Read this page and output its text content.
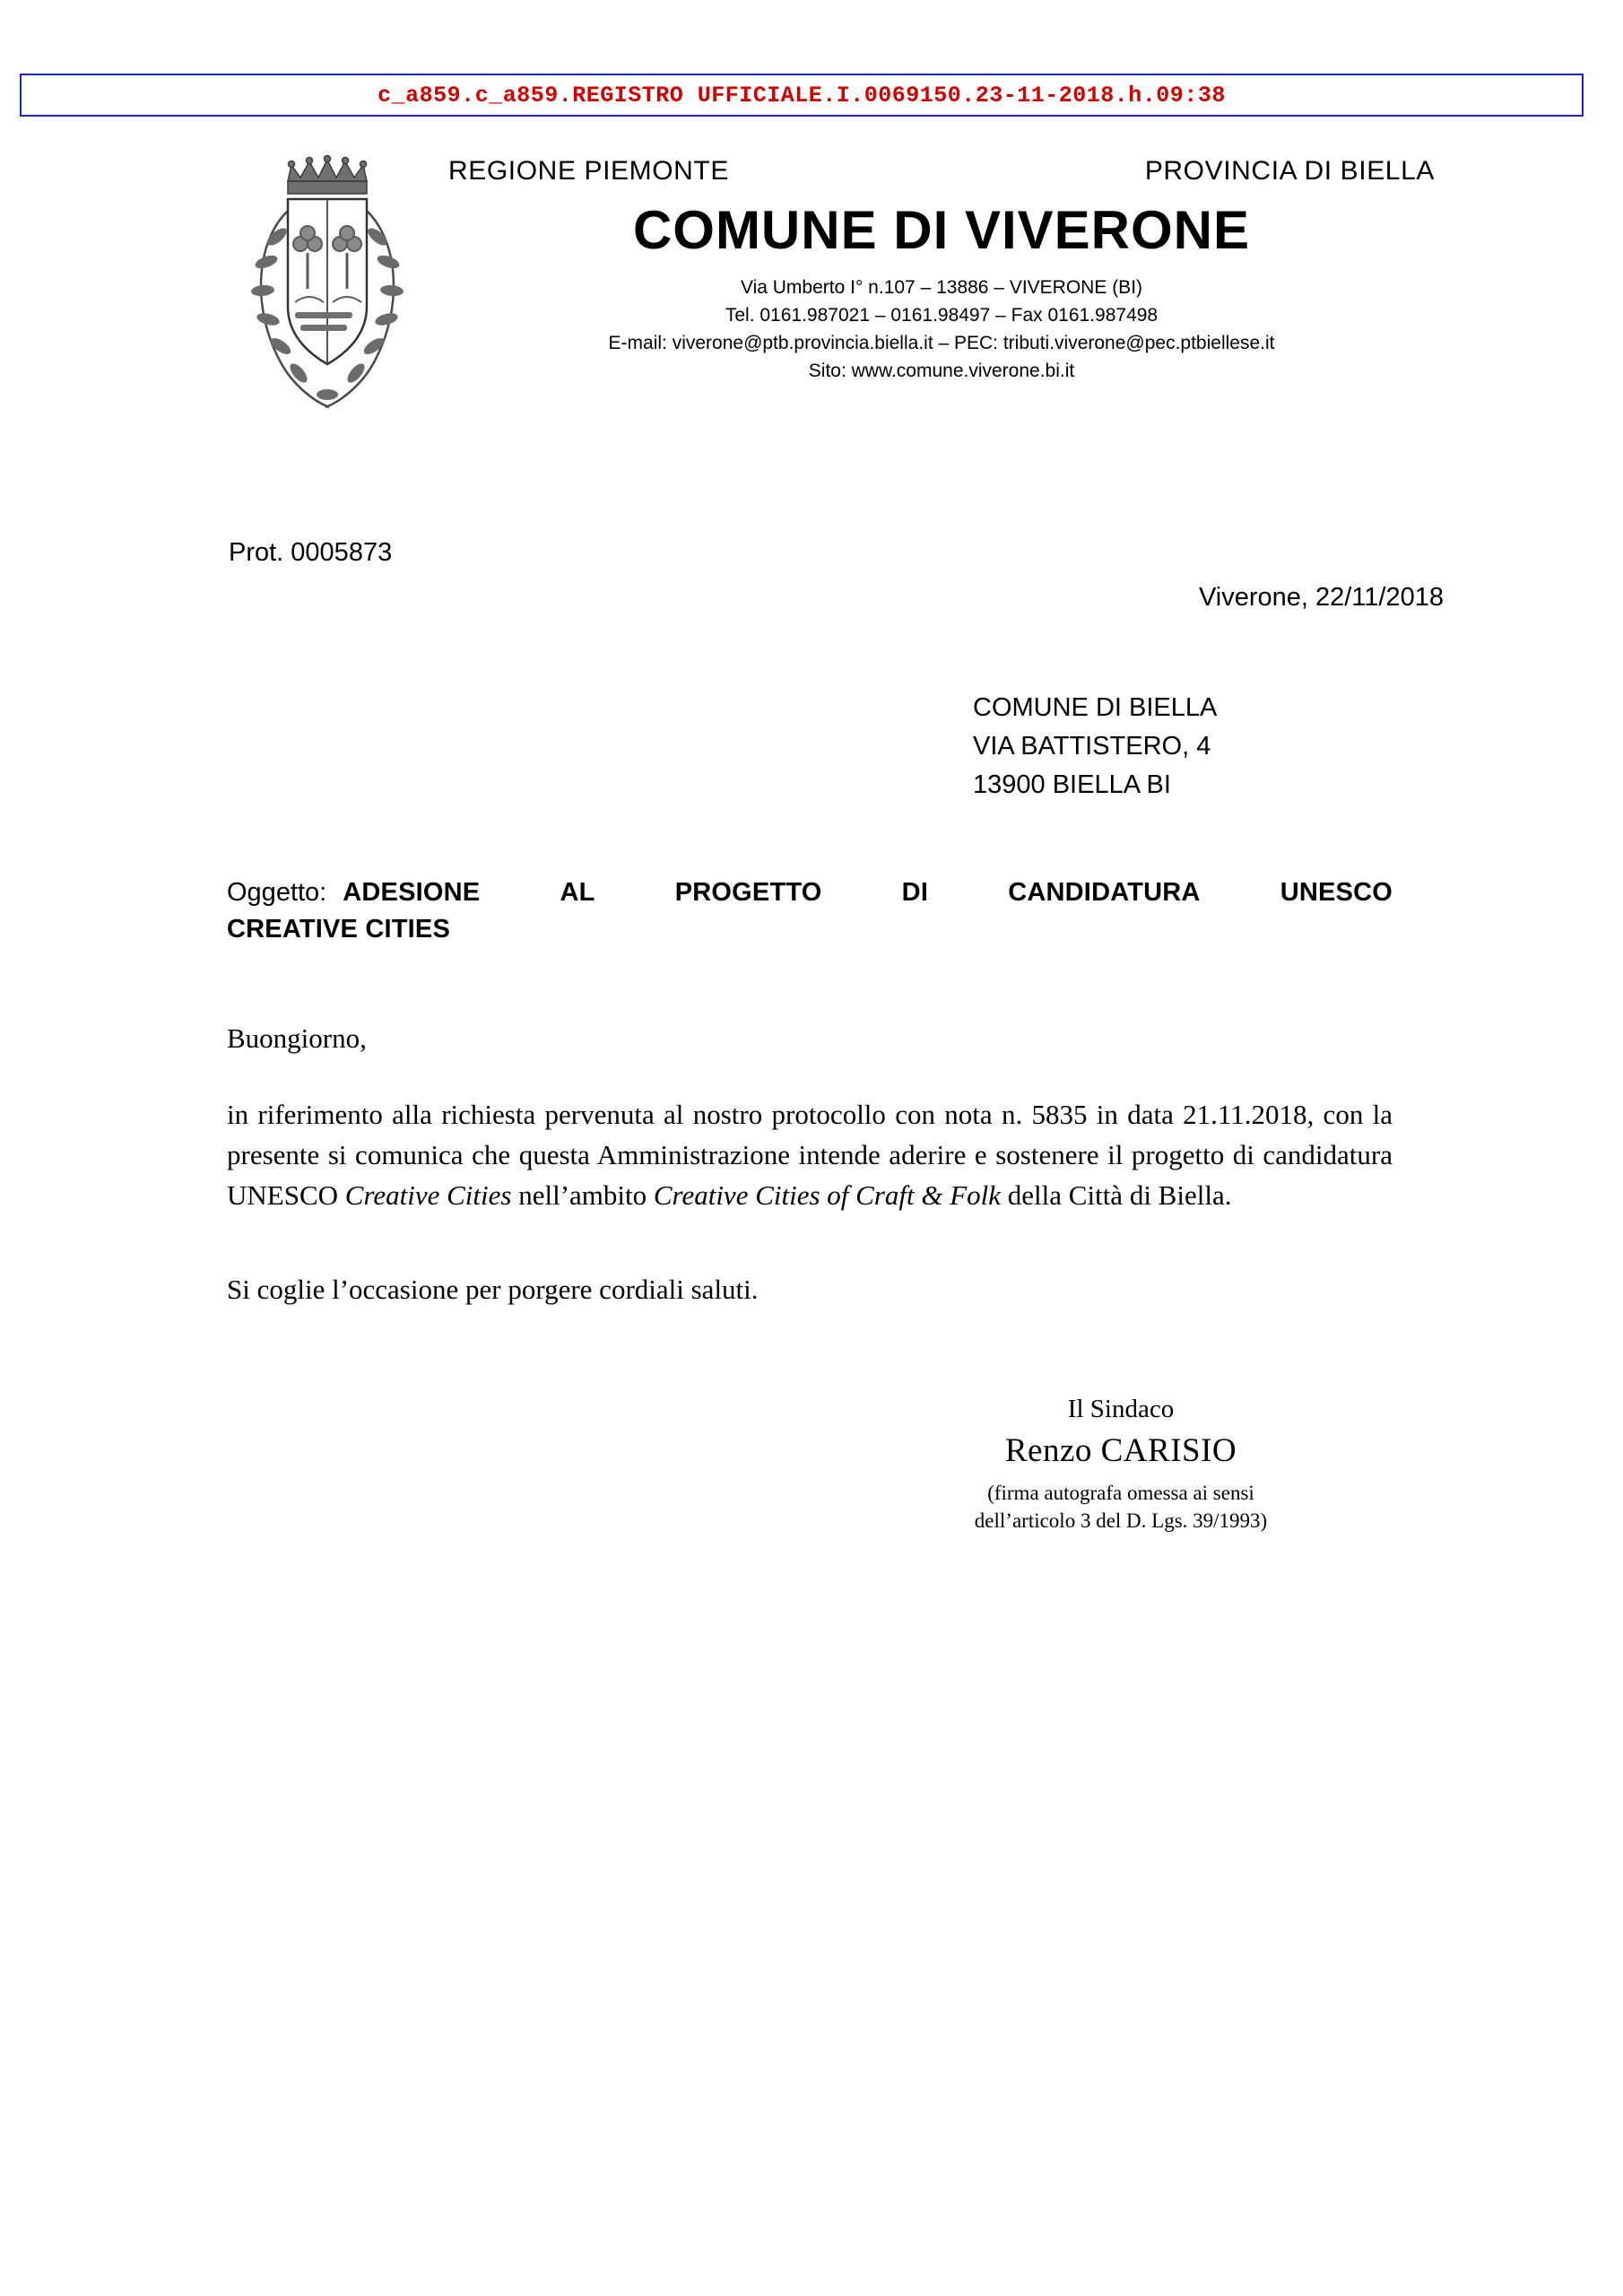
c_a859.c_a859.REGISTRO UFFICIALE.I.0069150.23-11-2018.h.09:38
REGIONE PIEMONTE	PROVINCIA DI BIELLA
COMUNE DI VIVERONE
Via Umberto I° n.107 – 13886 – VIVERONE (BI)
Tel. 0161.987021 – 0161.98497 – Fax 0161.987498
E-mail: viverone@ptb.provincia.biella.it – PEC: tributi.viverone@pec.ptbiellese.it
Sito: www.comune.viverone.bi.it
Prot. 0005873
Viverone, 22/11/2018
COMUNE DI BIELLA
VIA BATTISTERO, 4
13900 BIELLA BI
Oggetto: ADESIONE	AL	PROGETTO	DI	CANDIDATURA	UNESCO
CREATIVE CITIES
Buongiorno,
in riferimento alla richiesta pervenuta al nostro protocollo con nota n. 5835 in data 21.11.2018, con la presente si comunica che questa Amministrazione intende aderire e sostenere il progetto di candidatura UNESCO Creative Cities nell’ambito Creative Cities of Craft & Folk della Città di Biella.
Si coglie l’occasione per porgere cordiali saluti.
Il Sindaco
Renzo CARISIO
(firma autografa omessa ai sensi
dell’articolo 3 del D. Lgs. 39/1993)
